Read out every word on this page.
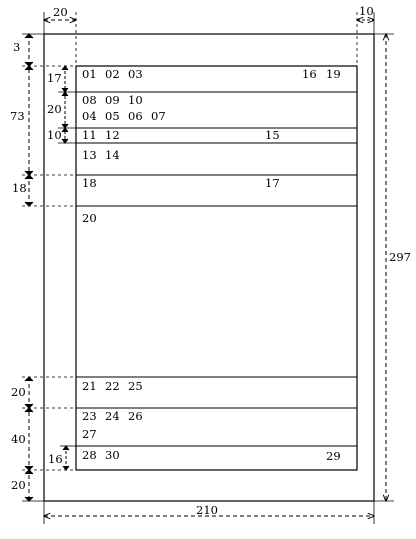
20	10
3
73
18
20
40
20
17
20
10
16
297
210
01 02 03	16 19
08 09 10
04 05 06 07
11 12	15
13 14
18	17
20
21 22 25
23 24 26
27
28 30	29
